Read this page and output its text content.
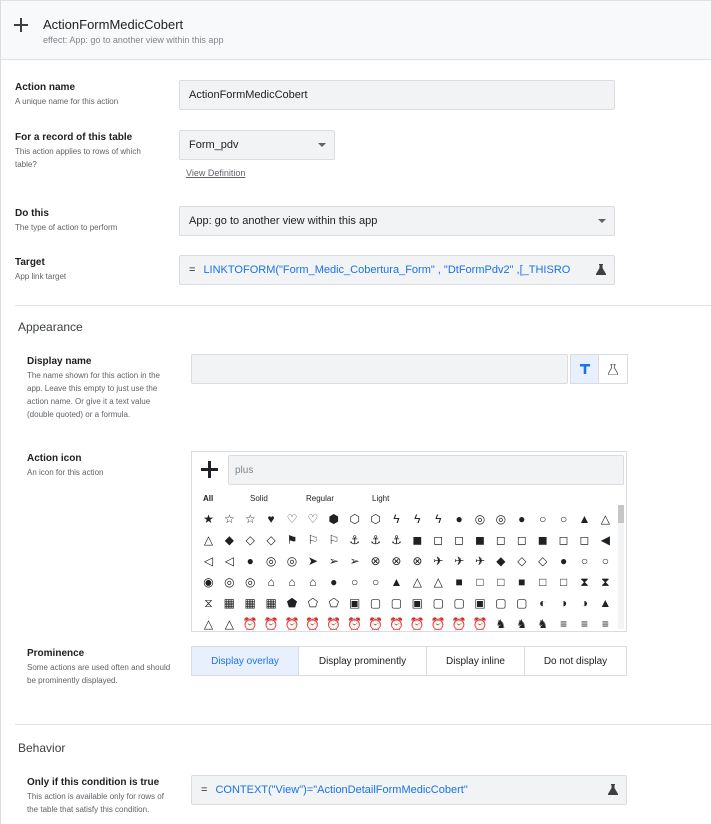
ActionFormMedicCobert
effect: App: go to another view within this app
Action name
A unique name for this action
ActionFormMedicCobert
For a record of this table
This action applies to rows of which table?
Form_pdv
View Definition
Do this
The type of action to perform
App: go to another view within this app
Target
App link target
= LINKTOFORM("Form_Medic_Cobertura_Form" , "DtFormPdv2" ,[_THISRO
Appearance
Display name
The name shown for this action in the app. Leave this empty to just use the action name. Or give it a text value (double quoted) or a formula.
Action icon
An icon for this action	plus
All	Solid	Regular	Light
★ ☆ ☆ ♥ ♡ ♡ ⬢ ⬡ ⬡	ϟ	ϟ	ϟ	●	◎ ◎	●	○	○ ▲ △
△ ◆ ◇ ◇ ⚑ ⚐ ⚐ ⚓ ⚓ ⚓ ◼ ◻ ◻ ◼ ◻ ◻ ◼ ◻ ◻ ◀
◁ ◁	●	◎ ◎ ➤ ➢ ➢ ⊗ ⊗ ⊗ ✈ ✈ ✈ ◆ ◇ ◇	●	○	○
◉ ◎ ◎	⌂	⌂	⌂	●	○	○ ▲ △ △	■	□	□	■	□	□	⧗	⧗
⧖ ▦ ▦ ▦ ⬟ ⬠ ⬠ ▣ ▢ ▢ ▣ ▢ ▢ ▣ ▢ ▢ ◐	◑	◑ ▲
△ △ ⏰ ⏰ ⏰ ⏰ ⏰ ⏰ ⏰ ⏰ ⏰ ⏰ ⏰ ⏰ ♞ ♞ ♞	≡	≡	≡
Prominence
Some actions are used often and should be prominently displayed.
Display overlay	Display prominently	Display inline	Do not display
Behavior
Only if this condition is true
This action is available only for rows of the table that satisfy this condition.
= CONTEXT("View")="ActionDetailFormMedicCobert"
